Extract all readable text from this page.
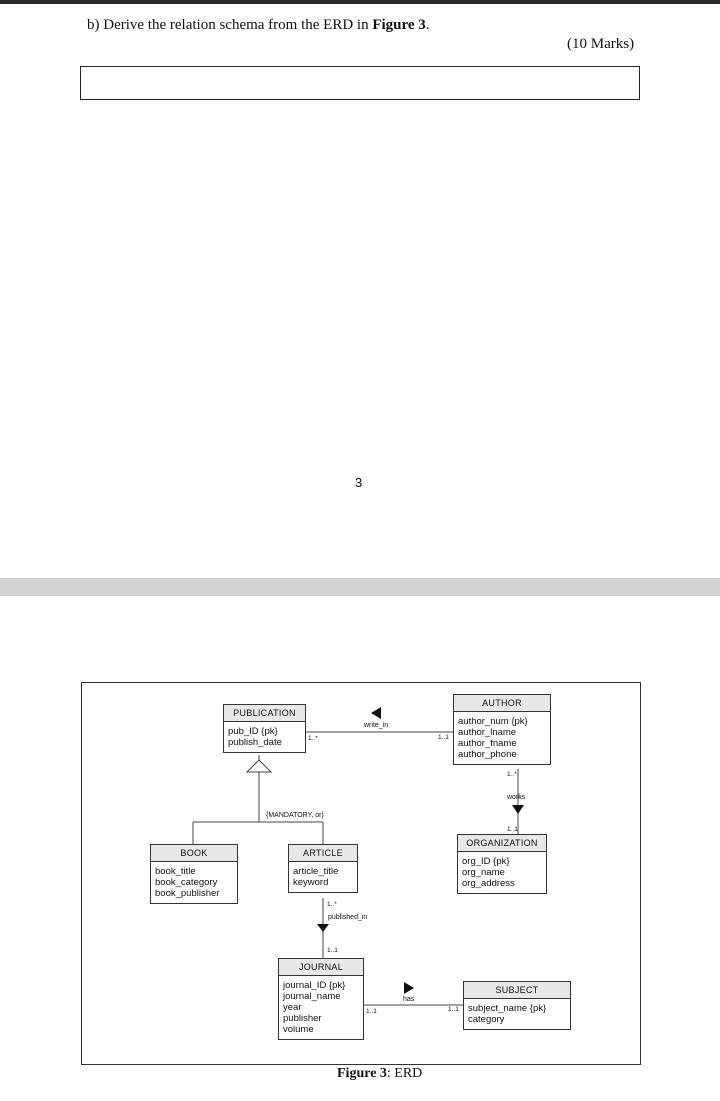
b) Derive the relation schema from the ERD in Figure 3.
(10 Marks)
3
PUBLICATION
pub_ID {pk}
publish_date
AUTHOR
author_num {pk}
author_lname
author_fname
author_phone
ORGANIZATION
org_ID {pk}
org_name
org_address
BOOK
book_title
book_category
book_publisher
ARTICLE
article_title
keyword
JOURNAL
journal_ID {pk}
journal_name
year
publisher
volume
SUBJECT
subject_name {pk}
category
write_in
1..*	1..1
works
1..*
1..1
{MANDATORY, or}
published_in
1..*
1..1
has
1..1	1..1
Figure 3: ERD
